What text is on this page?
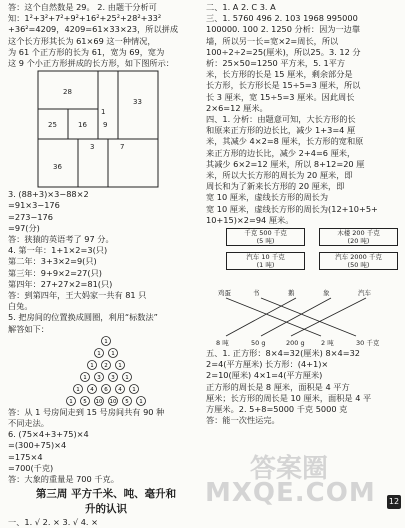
答：这个自然数是 29。 2. 由题干分析可
知：1²+3²+7²+9²+16²+25²+28²+33²
+36²=4209，4209=61×33×23，所以拼成
这个长方形其长为 61×69 这一种情况，
为 61 个正方形的长为 61，宽为 69，宽为
这 9 个小正方形拼成的长方形，如下图所示：
28
33
16
25	9
1
7
3
36
3. (88+3)×3−88×2
=91×3−176
=273−176
=97(分)
答：狭猿的英语考了 97 分。
4. 第一年：1+1×2=3(只)
第二年：3+3×2=9(只)
第三年：9+9×2=27(只)
第四年：27+27×2=81(只)
答：到第四年，王大妈家一共有 81 只
白兔。
5. 把房间的位置换成圆圈，利用“标数法”
解答如下：
1
1 1
1 2 1
1 3 3 1
1 4 6 4 1
1 5 10 10 5 1
答：从 1 号房间走到 15 号房间共有 90 种
不同走法。
6. (75×4+3+75)×4
=(300+75)×4
=175×4
=700(千克)
答：大象的重量是 700 千克。
第三周 平方千米、吨、毫升和
升的认识
一、1. √ 2. × 3. √ 4. ×
二、1. A 2. C 3. A
三、1. 5760 496 2. 103 1968 995000
100000. 100 2. 1250 分析：因为一边靠
墙，所以另一长=宽×2=周长，所以
100÷2÷2=25(厘米)，所以25。3. 12 分
析：25×50=1250 平方米，5. 1平方
米，长方形的长是 15 厘米，剩余部分是
长方形，长方形长是 15÷5=3 厘米，所以
长 3 厘米，宽 15÷5=3 厘米。因此周长
2×6=12 厘米。
四、1. 分析：由题意可知，大长方形的长
和原来正方形的边长比，减少 1+3=4 厘
米，其减少 4×2=8 厘米，长方形的宽和原
来正方形的边长比，减少 2+4=6 厘米，
其减少 6×2=12 厘米，所以 8+12=20 厘
米，所以大长方形的周长为 20 厘米，即
周长和为了新来长方形的 20 厘米，即
宽 10 厘米，虚线长方形的周长为
宽 10 厘米，虚线长方形的周长为(12+10+5+
10+15)×2=94 厘米。
千克 500 千克
(5 吨)
木楼 200 千克
(20 吨)
汽车 10 千克
(1 吨)
汽车 2000 千克
(50 吨)
鸡蛋	书	鹅	象	汽车
8 吨	50 g	200 g	2 吨	30 千克
五、1. 正方形：8×4=32(厘米) 8×4=32
2=4(平方厘米) 长方形：(4+1)×
2=10(厘米) 4×1=4(平方厘米)
正方形的周长是 8 厘米，面积是 4 平方
厘米；长方形的周长是 10 厘米，面积是 4 平
方厘米。2. 5+8=5000 千克 5000 克
答：能一次性运完。
MXQE.COM
答案圈
12
